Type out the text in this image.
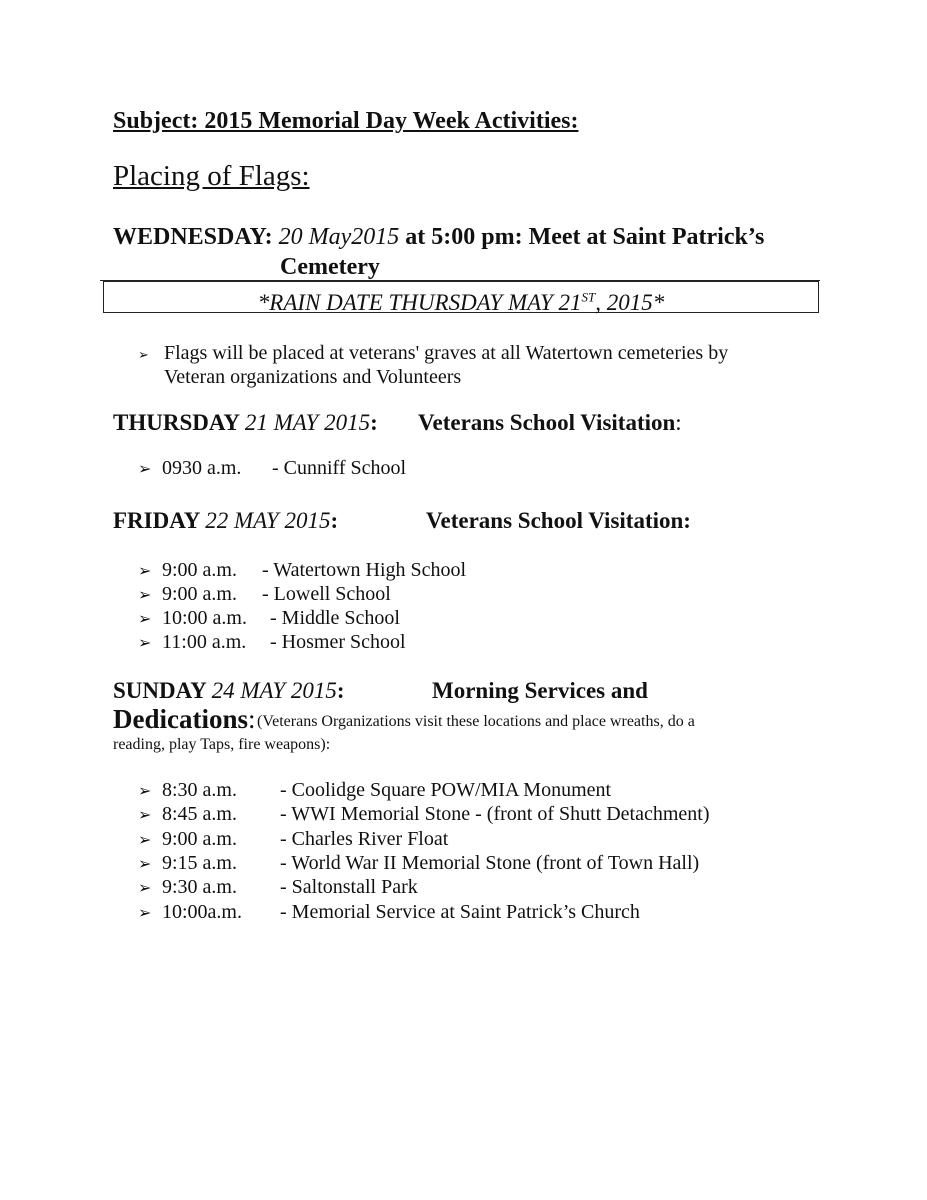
Subject: 2015 Memorial Day Week Activities:
Placing of Flags:
WEDNESDAY: 20 May2015 at 5:00 pm: Meet at Saint Patrick’s
Cemetery
*RAIN DATE THURSDAY MAY 21ST, 2015*
➢ Flags will be placed at veterans' graves at all Watertown cemeteries by
Veteran organizations and Volunteers
THURSDAY 21 MAY 2015: Veterans School Visitation:
➢ 0930 a.m. - Cunniff School
FRIDAY 22 MAY 2015:	Veterans School Visitation:
➢ 9:00 a.m. - Watertown High School
➢ 9:00 a.m. - Lowell School
➢ 10:00 a.m. - Middle School
➢ 11:00 a.m. - Hosmer School
SUNDAY 24 MAY 2015:	Morning Services and
Dedications: (Veterans Organizations visit these locations and place wreaths, do a
reading, play Taps, fire weapons):
➢ 8:30 a.m. - Coolidge Square POW/MIA Monument
➢ 8:45 a.m. - WWI Memorial Stone - (front of Shutt Detachment)
➢ 9:00 a.m. - Charles River Float
➢ 9:15 a.m. - World War II Memorial Stone (front of Town Hall)
➢ 9:30 a.m. - Saltonstall Park
➢ 10:00a.m. - Memorial Service at Saint Patrick’s Church
